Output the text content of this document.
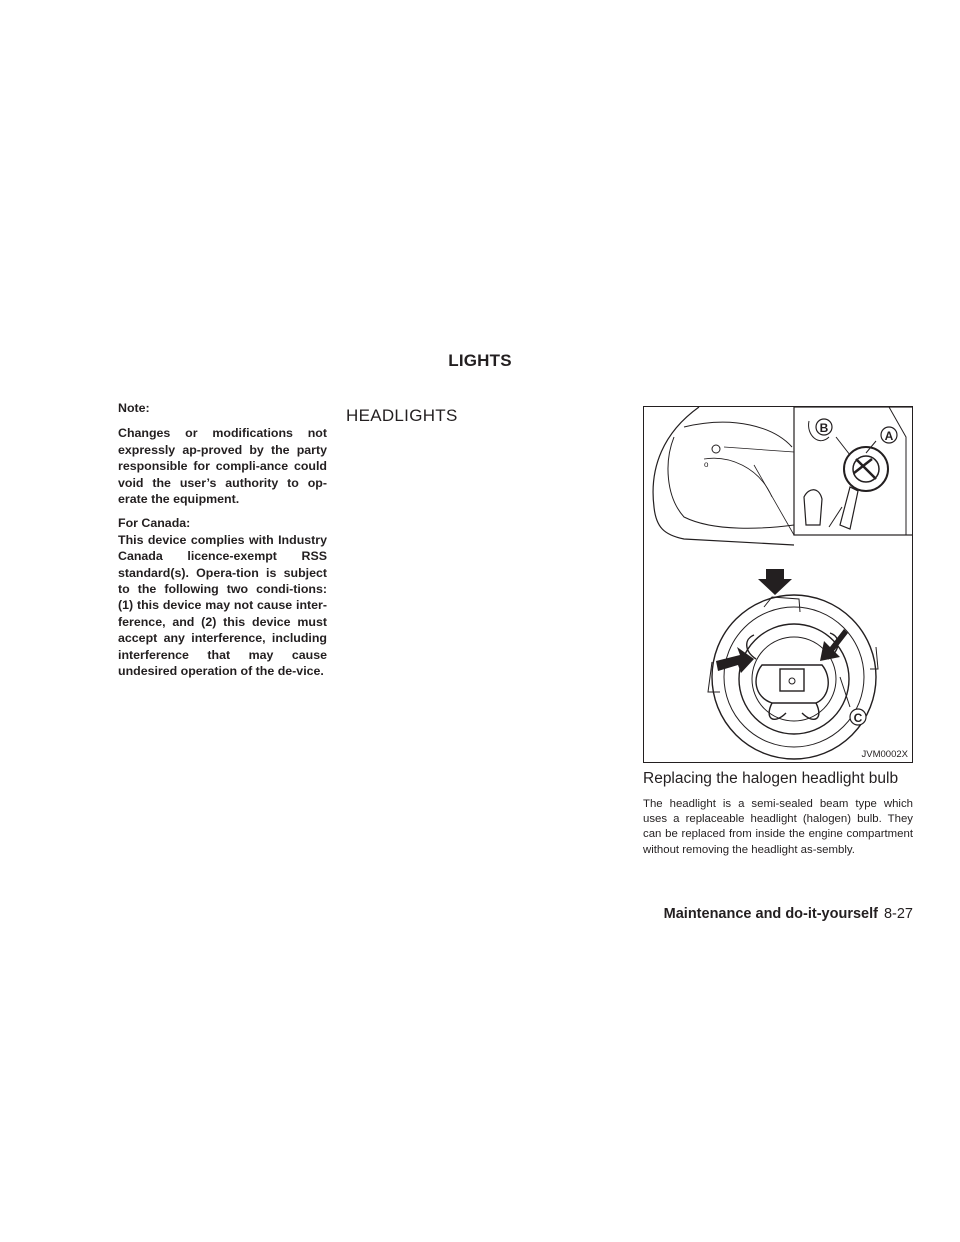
LIGHTS

Note:

Changes or modifications not expressly ap-proved by the party responsible for compli-ance could void the user’s authority to op-erate the equipment.

For Canada:

This device complies with Industry Canada licence-exempt RSS standard(s). Opera-tion is subject to the following two condi-tions: (1) this device may not cause inter-ference, and (2) this device must accept any interference, including interference that may cause undesired operation of the de-vice.

HEADLIGHTS
o
A
B
C
JVM0002X
Replacing the halogen headlight bulb
The headlight is a semi-sealed beam type which uses a replaceable headlight (halogen) bulb. They can be replaced from inside the engine compartment without removing the headlight as-sembly.
Maintenance and do-it-yourself 8-27
